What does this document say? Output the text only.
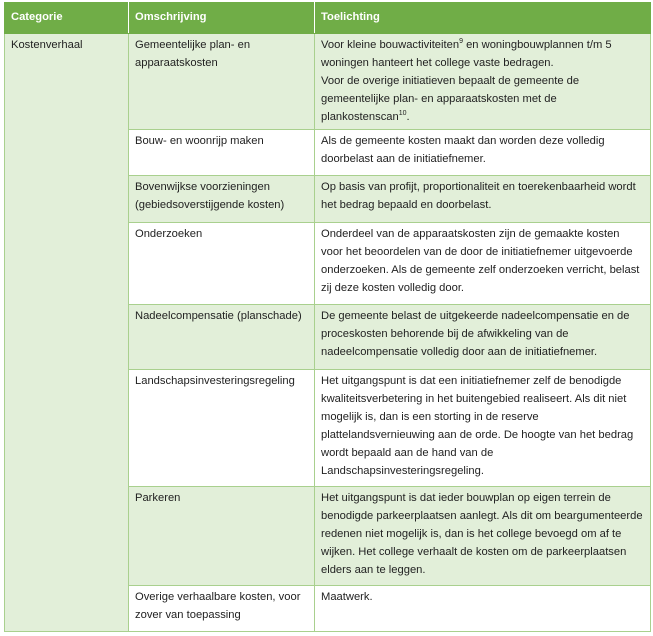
Categorie	Omschrijving	Toelichting
Kostenverhaal	Gemeentelijke plan- en apparaatskosten	Voor kleine bouwactiviteiten$^9$ en woningbouwplannen t/m 5 woningen hanteert het college vaste bedragen.
Voor de overige initiatieven bepaalt de gemeente de gemeentelijke plan- en apparaatskosten met de plankostenscan$^{10}$.

	Bouw- en woonrijp maken	Als de gemeente kosten maakt dan worden deze volledig doorbelast aan de initiatiefnemer.
	Bovenwijkse voorzieningen (gebiedsoverstijgende kosten)	Op basis van profijt, proportionaliteit en toerekenbaarheid wordt het bedrag bepaald en doorbelast.
	Onderzoeken	Onderdeel van de apparaatskosten zijn de gemaakte kosten voor het beoordelen van de door de initiatiefnemer uitgevoerde onderzoeken. Als de gemeente zelf onderzoeken verricht, belast zij deze kosten volledig door.
	Nadeelcompensatie (planschade)	De gemeente belast de uitgekeerde nadeelcompensatie en de proceskosten behorende bij de afwikkeling van de nadeelcompensatie volledig door aan de initiatiefnemer.
	Landschapsinvesteringsregeling	Het uitgangspunt is dat een initiatiefnemer zelf de benodigde kwaliteitsverbetering in het buitengebied realiseert. Als dit niet mogelijk is, dan is een storting in de reserve plattelandsvernieuwing aan de orde. De hoogte van het bedrag wordt bepaald aan de hand van de Landschapsinvesteringsregeling.
	Parkeren	Het uitgangspunt is dat ieder bouwplan op eigen terrein de benodigde parkeerplaatsen aanlegt. Als dit om beargumenteerde redenen niet mogelijk is, dan is het college bevoegd om af te wijken. Het college verhaalt de kosten om de parkeerplaatsen elders aan te leggen.
	Overige verhaalbare kosten, voor zover van toepassing	Maatwerk.
